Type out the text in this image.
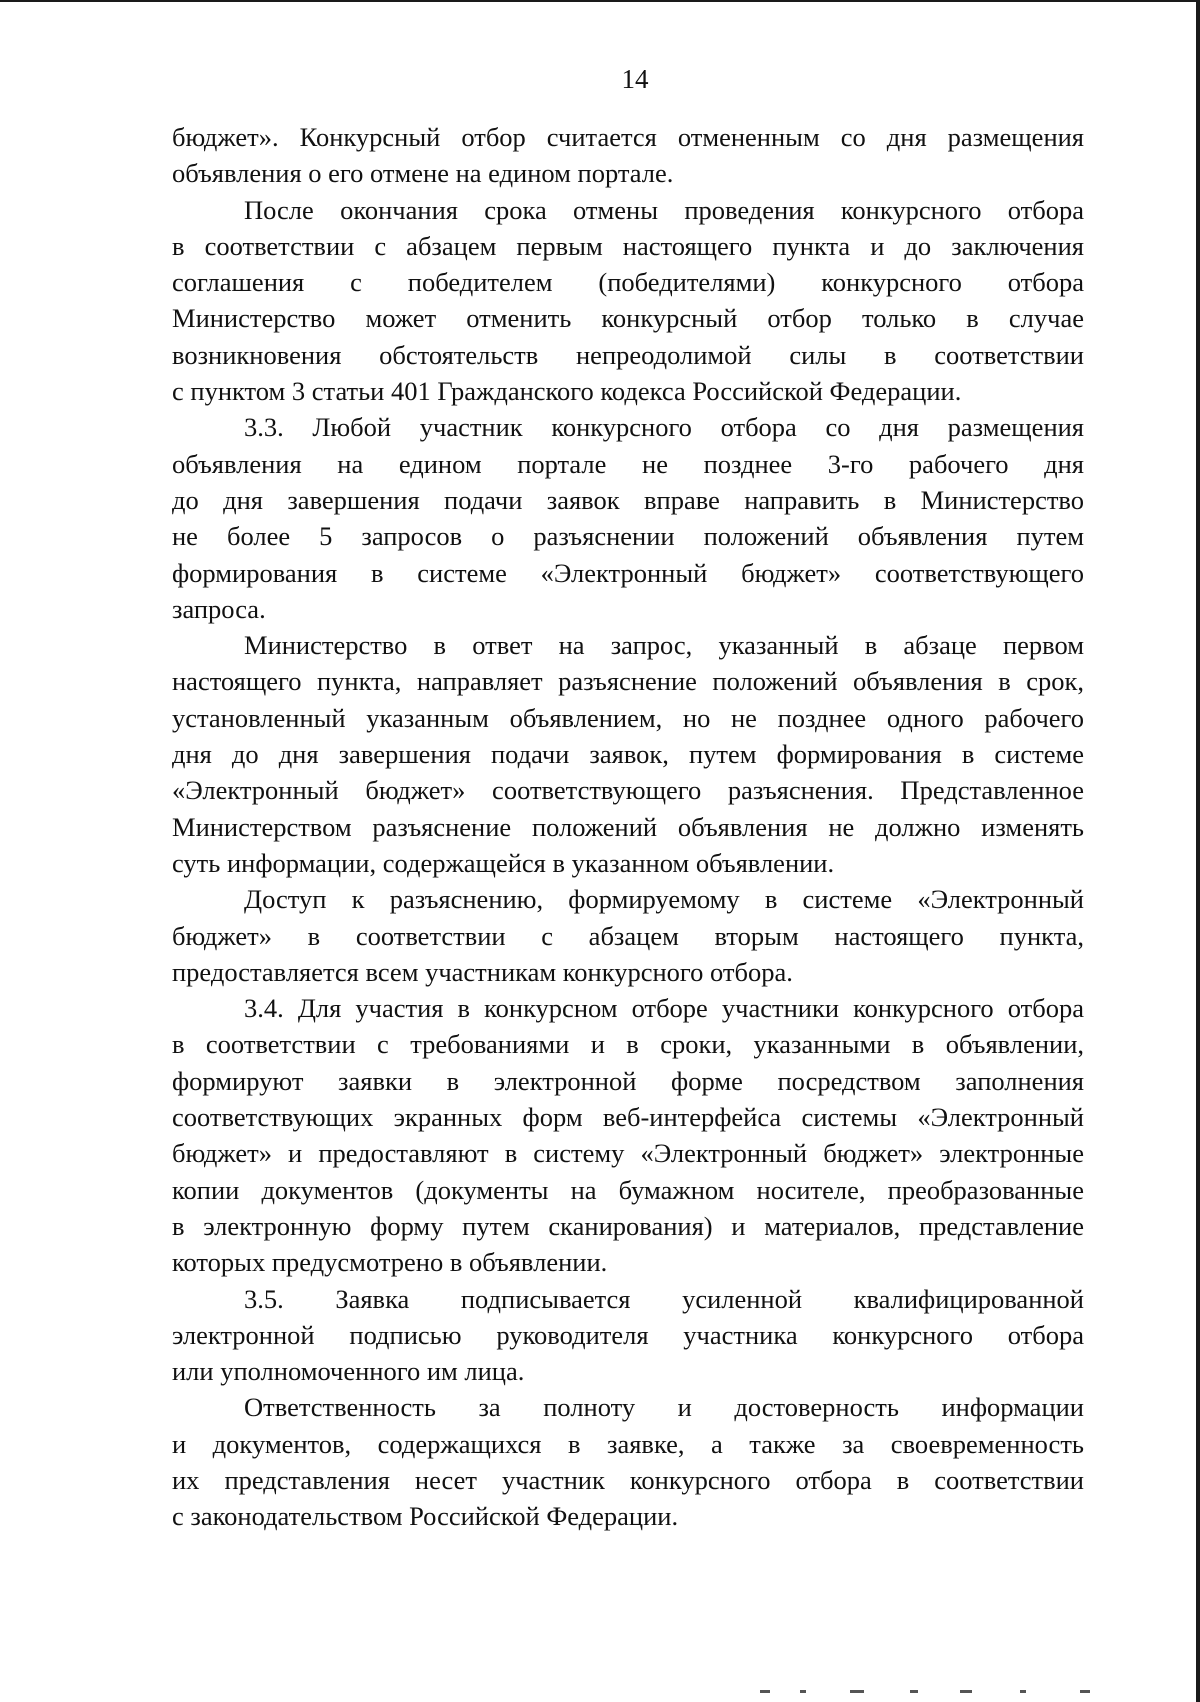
14
бюджет». Конкурсный отбор считается отмененным со дня размещения
объявления о его отмене на едином портале.
После окончания срока отмены проведения конкурсного отбора
в соответствии с абзацем первым настоящего пункта и до заключения
соглашения с победителем (победителями) конкурсного отбора
Министерство может отменить конкурсный отбор только в случае
возникновения обстоятельств непреодолимой силы в соответствии
с пунктом 3 статьи 401 Гражданского кодекса Российской Федерации.
3.3. Любой участник конкурсного отбора со дня размещения
объявления на едином портале не позднее 3-го рабочего дня
до дня завершения подачи заявок вправе направить в Министерство
не более 5 запросов о разъяснении положений объявления путем
формирования в системе «Электронный бюджет» соответствующего
запроса.
Министерство в ответ на запрос, указанный в абзаце первом
настоящего пункта, направляет разъяснение положений объявления в срок,
установленный указанным объявлением, но не позднее одного рабочего
дня до дня завершения подачи заявок, путем формирования в системе
«Электронный бюджет» соответствующего разъяснения. Представленное
Министерством разъяснение положений объявления не должно изменять
суть информации, содержащейся в указанном объявлении.
Доступ к разъяснению, формируемому в системе «Электронный
бюджет» в соответствии с абзацем вторым настоящего пункта,
предоставляется всем участникам конкурсного отбора.
3.4. Для участия в конкурсном отборе участники конкурсного отбора
в соответствии с требованиями и в сроки, указанными в объявлении,
формируют заявки в электронной форме посредством заполнения
соответствующих экранных форм веб-интерфейса системы «Электронный
бюджет» и предоставляют в систему «Электронный бюджет» электронные
копии документов (документы на бумажном носителе, преобразованные
в электронную форму путем сканирования) и материалов, представление
которых предусмотрено в объявлении.
3.5. Заявка подписывается усиленной квалифицированной
электронной подписью руководителя участника конкурсного отбора
или уполномоченного им лица.
Ответственность за полноту и достоверность информации
и документов, содержащихся в заявке, а также за своевременность
их представления несет участник конкурсного отбора в соответствии
с законодательством Российской Федерации.
